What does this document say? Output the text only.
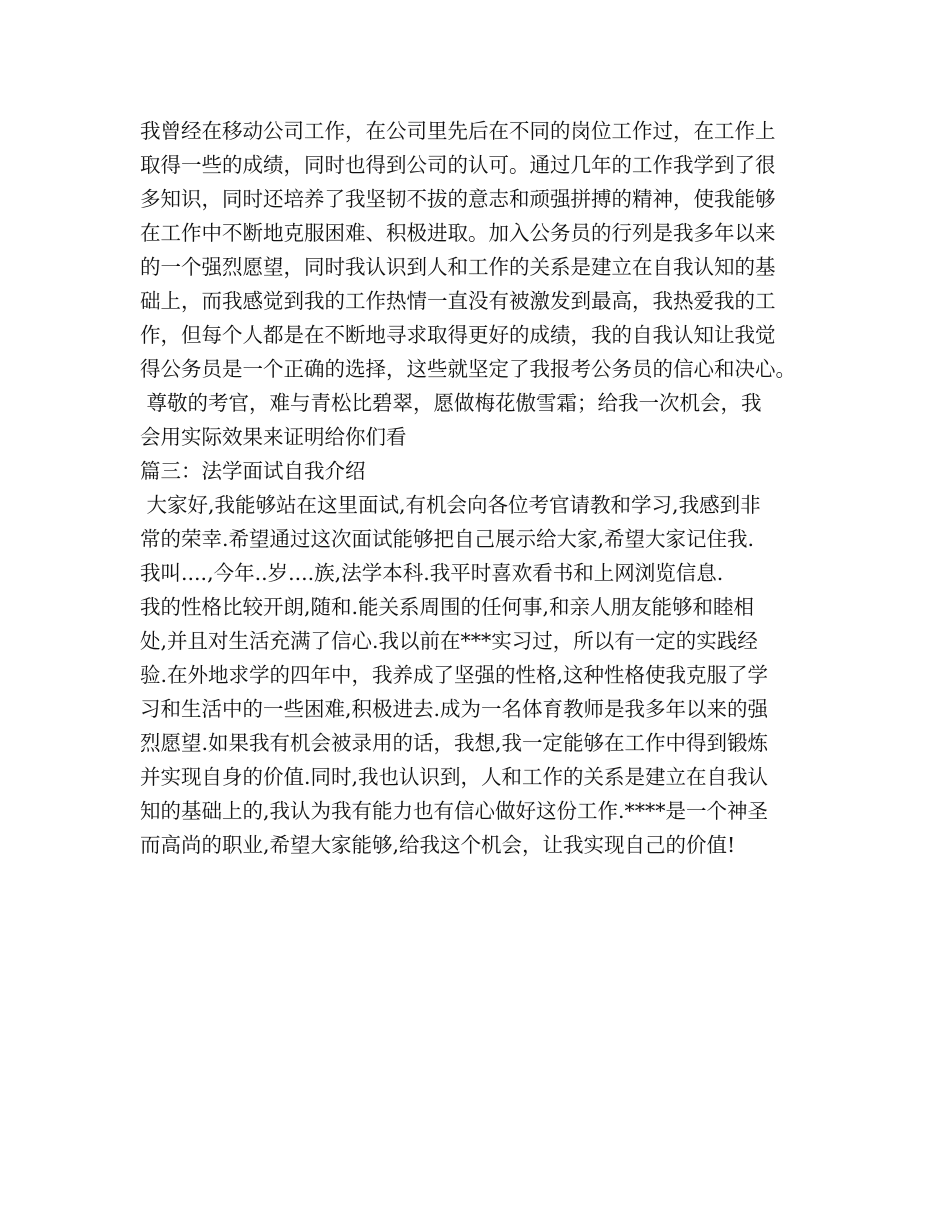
我曾经在移动公司工作，在公司里先后在不同的岗位工作过，在工作上
取得一些的成绩，同时也得到公司的认可。通过几年的工作我学到了很
多知识，同时还培养了我坚韧不拔的意志和顽强拼搏的精神，使我能够
在工作中不断地克服困难、积极进取。加入公务员的行列是我多年以来
的一个强烈愿望，同时我认识到人和工作的关系是建立在自我认知的基
础上，而我感觉到我的工作热情一直没有被激发到最高，我热爱我的工
作，但每个人都是在不断地寻求取得更好的成绩，我的自我认知让我觉
得公务员是一个正确的选择，这些就坚定了我报考公务员的信心和决心。
尊敬的考官，难与青松比碧翠，愿做梅花傲雪霜；给我一次机会，我
会用实际效果来证明给你们看
篇三：法学面试自我介绍
大家好,我能够站在这里面试,有机会向各位考官请教和学习,我感到非
常的荣幸.希望通过这次面试能够把自己展示给大家,希望大家记住我.
我叫....,今年..岁....族,法学本科.我平时喜欢看书和上网浏览信息.
我的性格比较开朗,随和.能关系周围的任何事,和亲人朋友能够和睦相
处,并且对生活充满了信心.我以前在***实习过，所以有一定的实践经
验.在外地求学的四年中，我养成了坚强的性格,这种性格使我克服了学
习和生活中的一些困难,积极进去.成为一名体育教师是我多年以来的强
烈愿望.如果我有机会被录用的话，我想,我一定能够在工作中得到锻炼
并实现自身的价值.同时,我也认识到，人和工作的关系是建立在自我认
知的基础上的,我认为我有能力也有信心做好这份工作.****是一个神圣
而高尚的职业,希望大家能够,给我这个机会，让我实现自己的价值!
